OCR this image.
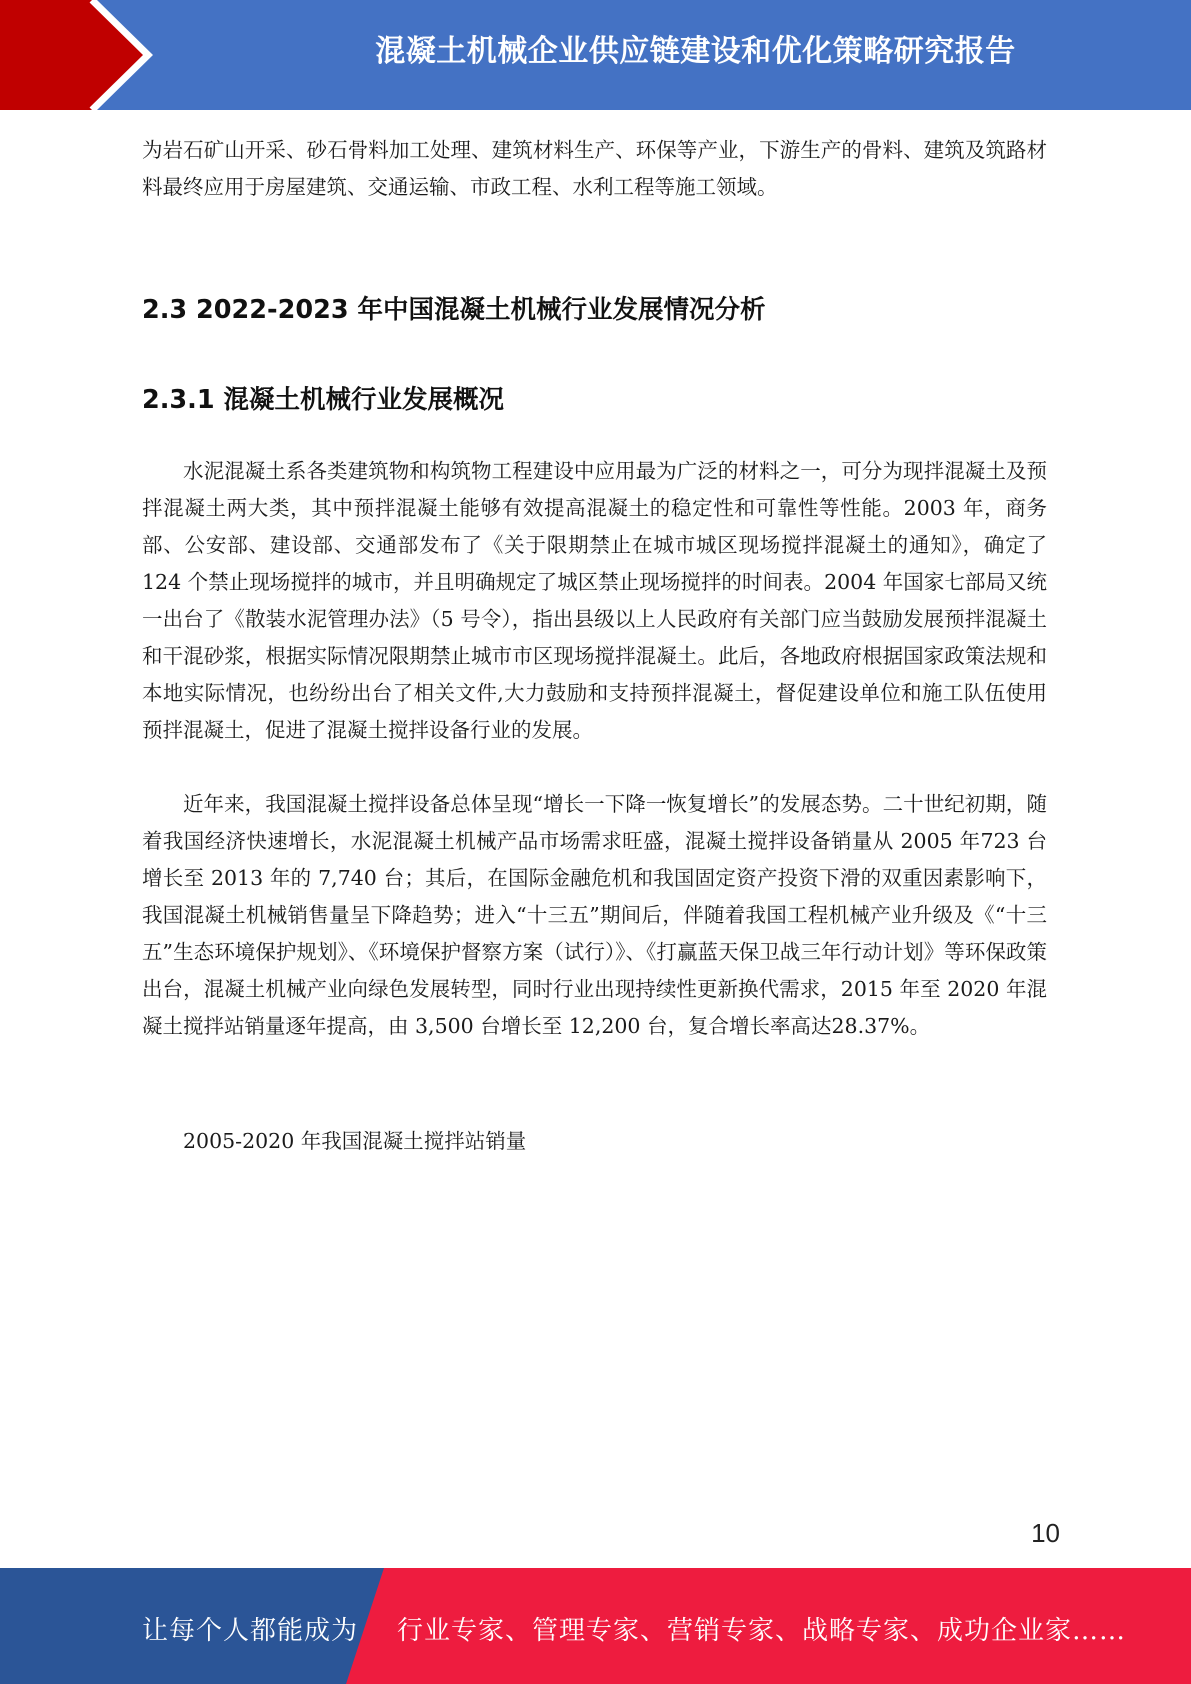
混凝土机械企业供应链建设和优化策略研究报告

为岩石矿山开采、砂石骨料加工处理、建筑材料生产、环保等产业，下游生产的骨料、建筑及筑路材料最终应用于房屋建筑、交通运输、市政工程、水利工程等施工领域。

2.3 2022-2023 年中国混凝土机械行业发展情况分析
2.3.1 混凝土机械行业发展概况

水泥混凝土系各类建筑物和构筑物工程建设中应用最为广泛的材料之一，可分为现拌混凝土及预拌混凝土两大类，其中预拌混凝土能够有效提高混凝土的稳定性和可靠性等性能。2003 年，商务部、公安部、建设部、交通部发布了《关于限期禁止在城市城区现场搅拌混凝土的通知》，确定了 124 个禁止现场搅拌的城市，并且明确规定了城区禁止现场搅拌的时间表。2004 年国家七部局又统一出台了《散装水泥管理办法》（5 号令），指出县级以上人民政府有关部门应当鼓励发展预拌混凝土和干混砂浆，根据实际情况限期禁止城市市区现场搅拌混凝土。此后，各地政府根据国家政策法规和本地实际情况，也纷纷出台了相关文件,大力鼓励和支持预拌混凝土，督促建设单位和施工队伍使用预拌混凝土，促进了混凝土搅拌设备行业的发展。

近年来，我国混凝土搅拌设备总体呈现“增长一下降一恢复增长”的发展态势。二十世纪初期，随着我国经济快速增长，水泥混凝土机械产品市场需求旺盛，混凝土搅拌设备销量从 2005 年723 台增长至 2013 年的 7,740 台；其后，在国际金融危机和我国固定资产投资下滑的双重因素影响下，我国混凝土机械销售量呈下降趋势；进入“十三五”期间后，伴随着我国工程机械产业升级及《“十三五”生态环境保护规划》、《环境保护督察方案（试行）》、《打赢蓝天保卫战三年行动计划》等环保政策出台，混凝土机械产业向绿色发展转型，同时行业出现持续性更新换代需求，2015 年至 2020 年混凝土搅拌站销量逐年提高，由 3,500 台增长至 12,200 台，复合增长率高达28.37%。

2005-2020 年我国混凝土搅拌站销量

10
让每个人都能成为 行业专家、管理专家、营销专家、战略专家、成功企业家……
